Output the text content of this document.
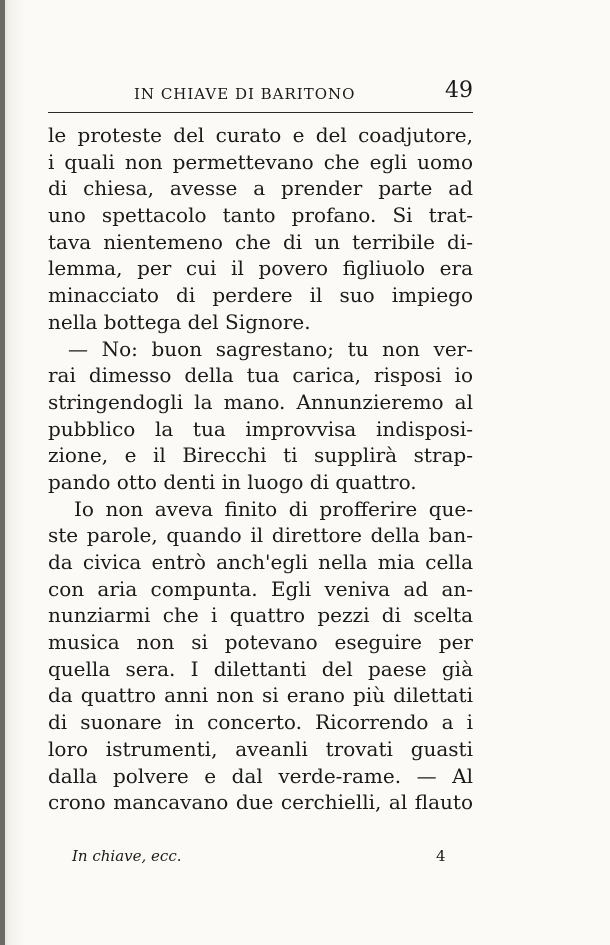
IN CHIAVE DI BARITONO	49
le proteste del curato e del coadjutore,
i quali non permettevano che egli uomo
di chiesa, avesse a prender parte ad
uno spettacolo tanto profano. Si trat-
tava nientemeno che di un terribile di-
lemma, per cui il povero figliuolo era
minacciato di perdere il suo impiego
nella bottega del Signore.
— No: buon sagrestano; tu non ver-
rai dimesso della tua carica, risposi io
stringendogli la mano. Annunzieremo al
pubblico la tua improvvisa indisposi-
zione, e il Birecchi ti supplirà strap-
pando otto denti in luogo di quattro.
Io non aveva finito di profferire que-
ste parole, quando il direttore della ban-
da civica entrò anch'egli nella mia cella
con aria compunta. Egli veniva ad an-
nunziarmi che i quattro pezzi di scelta
musica non si potevano eseguire per
quella sera. I dilettanti del paese già
da quattro anni non si erano più dilettati
di suonare in concerto. Ricorrendo a i
loro istrumenti, aveanli trovati guasti
dalla polvere e dal verde-rame. — Al
crono mancavano due cerchielli, al flauto
In chiave, ecc.	4
